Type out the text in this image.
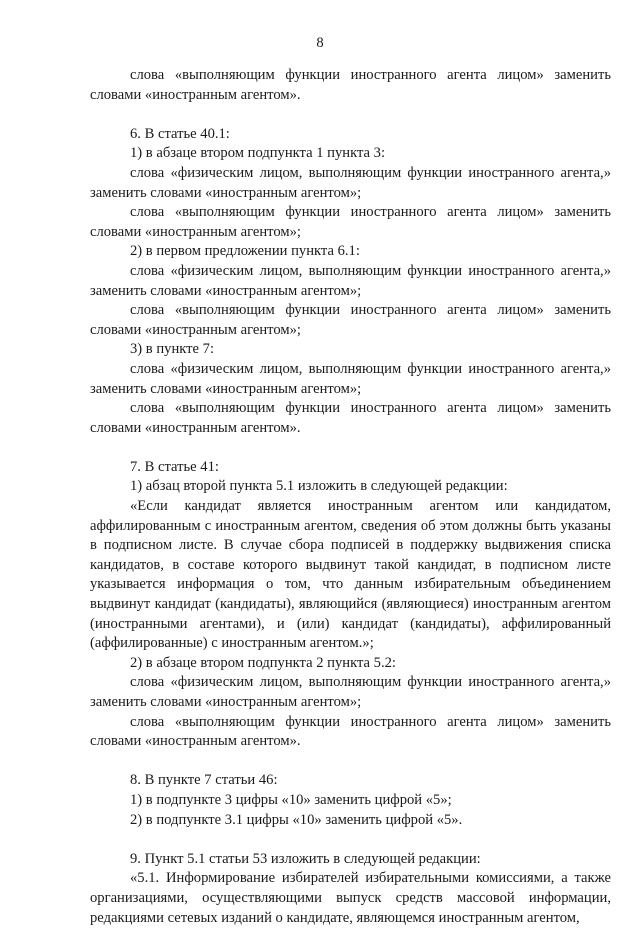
8

слова «выполняющим функции иностранного агента лицом» заменить словами «иностранным агентом».

6. В статье 40.1:

1) в абзаце втором подпункта 1 пункта 3:

слова «физическим лицом, выполняющим функции иностранного агента,» заменить словами «иностранным агентом»;

слова «выполняющим функции иностранного агента лицом» заменить словами «иностранным агентом»;

2) в первом предложении пункта 6.1:

слова «физическим лицом, выполняющим функции иностранного агента,» заменить словами «иностранным агентом»;

слова «выполняющим функции иностранного агента лицом» заменить словами «иностранным агентом»;

3) в пункте 7:

слова «физическим лицом, выполняющим функции иностранного агента,» заменить словами «иностранным агентом»;

слова «выполняющим функции иностранного агента лицом» заменить словами «иностранным агентом».

7. В статье 41:

1) абзац второй пункта 5.1 изложить в следующей редакции:

«Если кандидат является иностранным агентом или кандидатом, аффилированным с иностранным агентом, сведения об этом должны быть указаны в подписном листе. В случае сбора подписей в поддержку выдвижения списка кандидатов, в составе которого выдвинут такой кандидат, в подписном листе указывается информация о том, что данным избирательным объединением выдвинут кандидат (кандидаты), являющийся (являющиеся) иностранным агентом (иностранными агентами), и (или) кандидат (кандидаты), аффилированный (аффилированные) с иностранным агентом.»;

2) в абзаце втором подпункта 2 пункта 5.2:

слова «физическим лицом, выполняющим функции иностранного агента,» заменить словами «иностранным агентом»;

слова «выполняющим функции иностранного агента лицом» заменить словами «иностранным агентом».

8. В пункте 7 статьи 46:

1) в подпункте 3 цифры «10» заменить цифрой «5»;

2) в подпункте 3.1 цифры «10» заменить цифрой «5».

9. Пункт 5.1 статьи 53 изложить в следующей редакции:

«5.1. Информирование избирателей избирательными комиссиями, а также организациями, осуществляющими выпуск средств массовой информации, редакциями сетевых изданий о кандидате, являющемся иностранным агентом,
